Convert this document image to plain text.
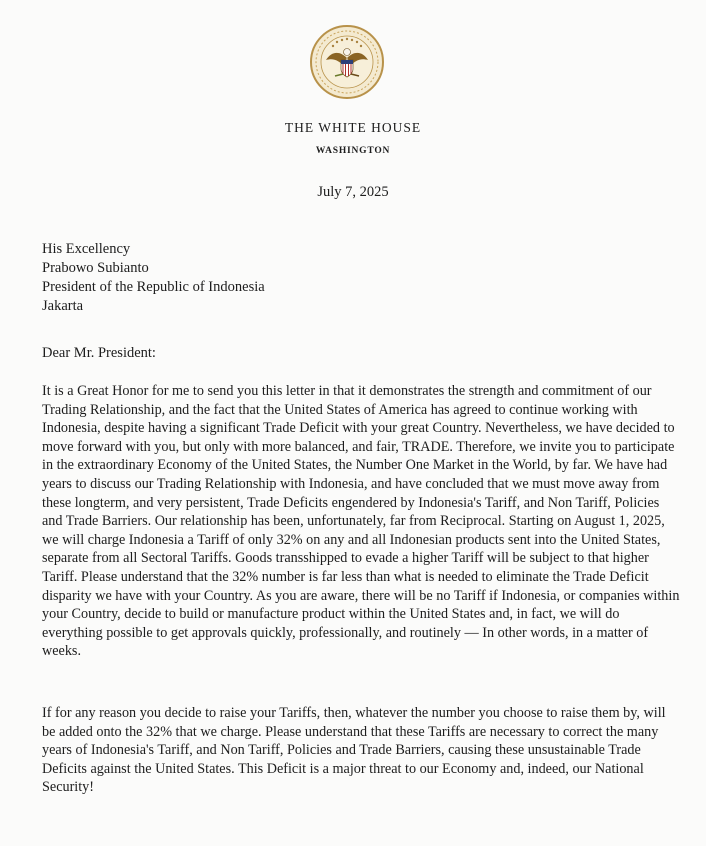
THE WHITE HOUSE
WASHINGTON
July 7, 2025
His Excellency
Prabowo Subianto
President of the Republic of Indonesia
Jakarta
Dear Mr. President:

It is a Great Honor for me to send you this letter in that it demonstrates the strength and commitment of our Trading Relationship, and the fact that the United States of America has agreed to continue working with Indonesia, despite having a significant Trade Deficit with your great Country. Nevertheless, we have decided to move forward with you, but only with more balanced, and fair, TRADE. Therefore, we invite you to participate in the extraordinary Economy of the United States, the Number One Market in the World, by far. We have had years to discuss our Trading Relationship with Indonesia, and have concluded that we must move away from these longterm, and very persistent, Trade Deficits engendered by Indonesia's Tariff, and Non Tariff, Policies and Trade Barriers. Our relationship has been, unfortunately, far from Reciprocal. Starting on August 1, 2025, we will charge Indonesia a Tariff of only 32% on any and all Indonesian products sent into the United States, separate from all Sectoral Tariffs. Goods transshipped to evade a higher Tariff will be subject to that higher Tariff. Please understand that the 32% number is far less than what is needed to eliminate the Trade Deficit disparity we have with your Country. As you are aware, there will be no Tariff if Indonesia, or companies within your Country, decide to build or manufacture product within the United States and, in fact, we will do everything possible to get approvals quickly, professionally, and routinely — In other words, in a matter of weeks.

If for any reason you decide to raise your Tariffs, then, whatever the number you choose to raise them by, will be added onto the 32% that we charge. Please understand that these Tariffs are necessary to correct the many years of Indonesia's Tariff, and Non Tariff, Policies and Trade Barriers, causing these unsustainable Trade Deficits against the United States. This Deficit is a major threat to our Economy and, indeed, our National Security!
